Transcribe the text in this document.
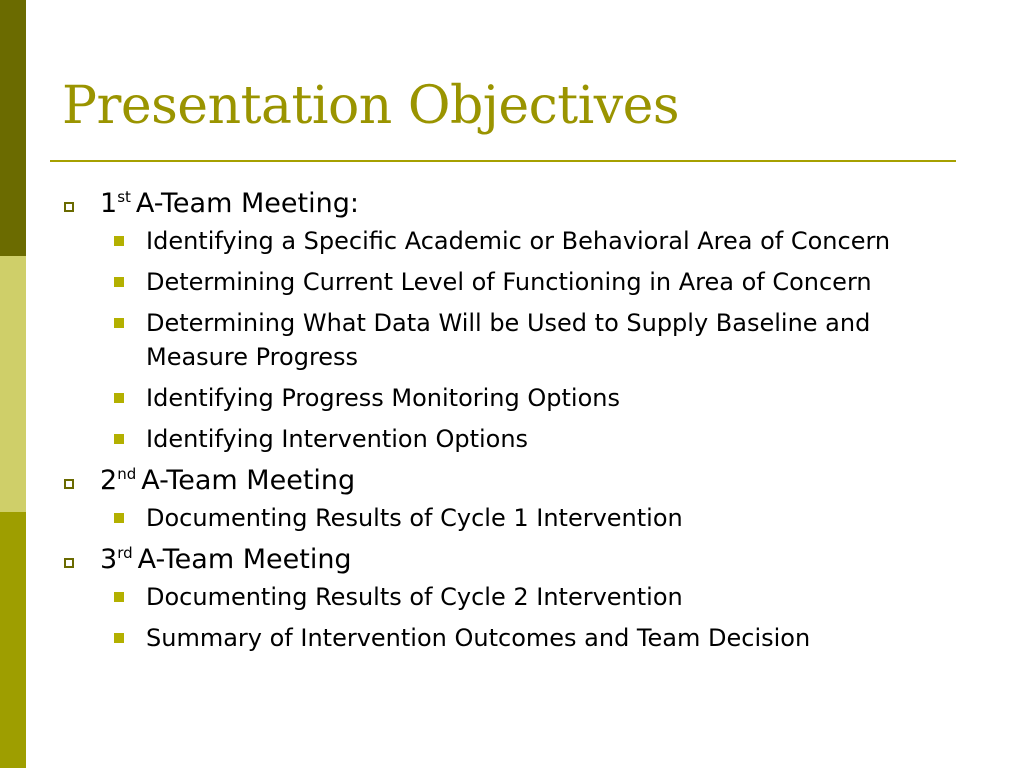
Presentation Objectives
1st A-Team Meeting:
Identifying a Specific Academic or Behavioral Area of Concern
Determining Current Level of Functioning in Area of Concern
Determining What Data Will be Used to Supply Baseline and Measure Progress
Identifying Progress Monitoring Options
Identifying Intervention Options
2nd A-Team Meeting
Documenting Results of Cycle 1 Intervention
3rd A-Team Meeting
Documenting Results of Cycle 2 Intervention
Summary of Intervention Outcomes and Team Decision
